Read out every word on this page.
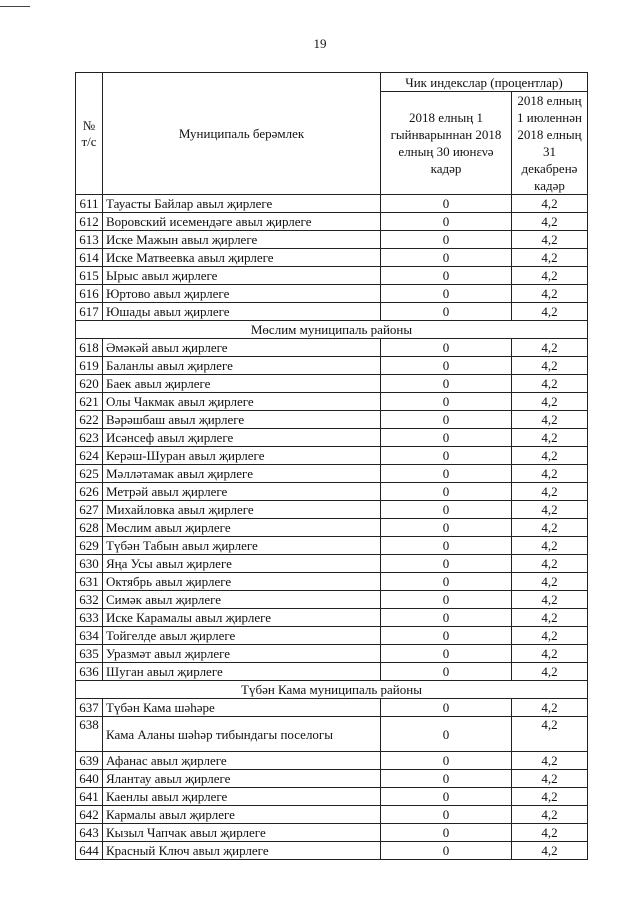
19
№ т/с	Муниципаль берәмлек	Чик индекслар (процентлар)	
		2018 елның 1 гыйнварыннан 2018 елның 30 июнενə кадәр	2018 елның 1 июленнән 2018 елның 31 декабренә кадәр
611	Тауасты Байлар авыл җирлеге	0	4,2
612	Воровский исемендәге авыл җирлеге	0	4,2
613	Иске Мажын авыл җирлеге	0	4,2
614	Иске Матвеевка авыл җирлеге	0	4,2
615	Ырыс авыл җирлеге	0	4,2
616	Юртово авыл җирлеге	0	4,2
617	Юшады авыл җирлеге	0	4,2
Мөслим муниципаль районы			
618	Әмәкәй авыл җирлеге	0	4,2
619	Баланлы авыл җирлеге	0	4,2
620	Баек авыл җирлеге	0	4,2
621	Олы Чакмак авыл җирлеге	0	4,2
622	Вәрәшбаш авыл җирлеге	0	4,2
623	Исәнсеф авыл җирлеге	0	4,2
624	Керәш-Шуран авыл җирлеге	0	4,2
625	Мәлләтамак авыл җирлеге	0	4,2
626	Метрәй авыл җирлеге	0	4,2
627	Михайловка авыл җирлеге	0	4,2
628	Мөслим авыл җирлеге	0	4,2
629	Түбән Табын авыл җирлеге	0	4,2
630	Яңа Усы авыл җирлеге	0	4,2
631	Октябрь авыл җирлеге	0	4,2
632	Симәк авыл җирлеге	0	4,2
633	Иске Карамалы авыл җирлеге	0	4,2
634	Тойгелде авыл җирлеге	0	4,2
635	Уразмәт авыл җирлеге	0	4,2
636	Шуган авыл җирлеге	0	4,2
Түбән Кама муниципаль районы			
637	Түбән Кама шәһәре	0	4,2
638	Кама Аланы шәһәр тибындагы поселогы	0	4,2
639	Афанас авыл җирлеге	0	4,2
640	Ялантау авыл җирлеге	0	4,2
641	Каенлы авыл җирлеге	0	4,2
642	Кармалы авыл җирлеге	0	4,2
643	Кызыл Чапчак авыл җирлеге	0	4,2
644	Красный Ключ авыл җирлеге	0	4,2
